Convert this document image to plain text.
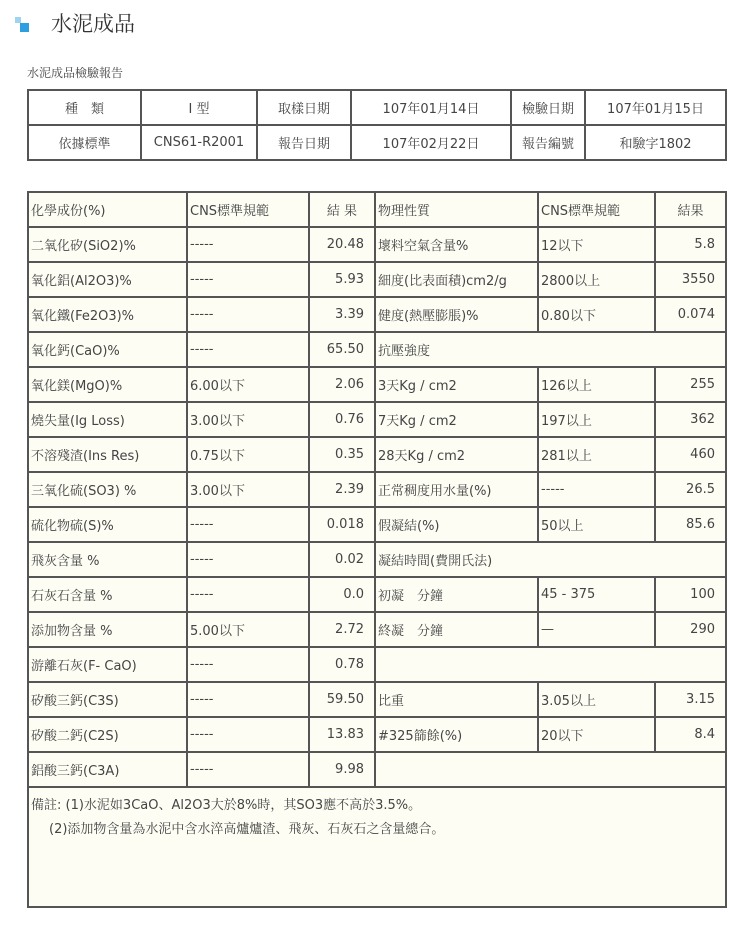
水泥成品
水泥成品檢驗報告
種　類	I 型	取樣日期	107年01月14日	檢驗日期	107年01月15日
依據標準	CNS61-R2001	報告日期	107年02月22日	報告編號	和驗字1802
化學成份(%)	CNS標準規範	結 果	物理性質	CNS標準規範	結果
二氧化矽(SiO2)%	-----	20.48	壞料空氣含量%	12以下	5.8
氧化鋁(Al2O3)%	-----	5.93	細度(比表面積)cm2/g	2800以上	3550
氧化鐵(Fe2O3)%	-----	3.39	健度(熱壓膨脹)%	0.80以下	0.074
氧化鈣(CaO)%	-----	65.50	抗壓強度		
氧化鎂(MgO)%	6.00以下	2.06	3天Kg / cm2	126以上	255
燒失量(Ig Loss)	3.00以下	0.76	7天Kg / cm2	197以上	362
不溶殘渣(Ins Res)	0.75以下	0.35	28天Kg / cm2	281以上	460
三氧化硫(SO3) %	3.00以下	2.39	正常稠度用水量(%)	-----	26.5
硫化物硫(S)%	-----	0.018	假凝結(%)	50以上	85.6
飛灰含量 %	-----	0.02	凝結時間(費開氏法)		
石灰石含量 %	-----	0.0	初凝　分鐘	45 - 375	100
添加物含量 %	5.00以下	2.72	終凝　分鐘	—	290
游離石灰(F- CaO)	-----	0.78			
矽酸三鈣(C3S)	-----	59.50	比重	3.05以上	3.15
矽酸二鈣(C2S)	-----	13.83	#325篩餘(%)	20以下	8.4
鋁酸三鈣(C3A)	-----	9.98			

備註: (1)水泥如3CaO、Al2O3大於8%時，其SO3應不高於3.5%。
(2)添加物含量為水泥中含水淬高爐爐渣、飛灰、石灰石之含量總合。					
